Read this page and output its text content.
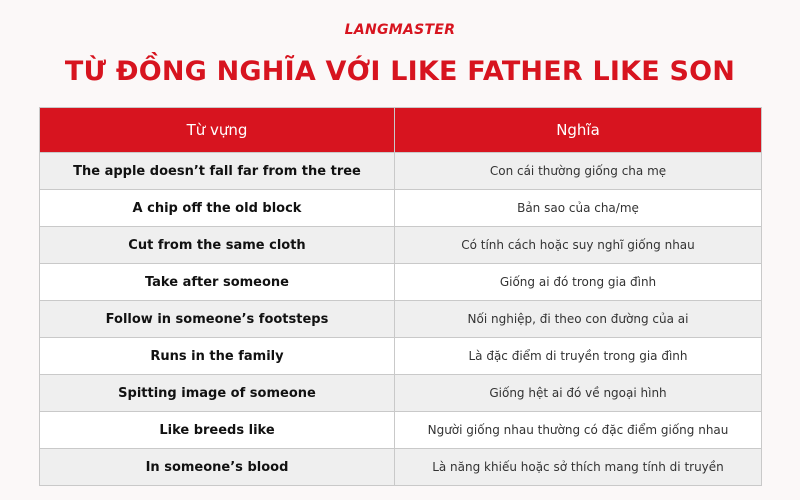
LANGMASTER
TỪ ĐỒNG NGHĨA VỚI LIKE FATHER LIKE SON
Từ vựng	Nghĩa
The apple doesn’t fall far from the tree	Con cái thường giống cha mẹ
A chip off the old block	Bản sao của cha/mẹ
Cut from the same cloth	Có tính cách hoặc suy nghĩ giống nhau
Take after someone	Giống ai đó trong gia đình
Follow in someone’s footsteps	Nối nghiệp, đi theo con đường của ai
Runs in the family	Là đặc điểm di truyền trong gia đình
Spitting image of someone	Giống hệt ai đó về ngoại hình
Like breeds like	Người giống nhau thường có đặc điểm giống nhau
In someone’s blood	Là năng khiếu hoặc sở thích mang tính di truyền
